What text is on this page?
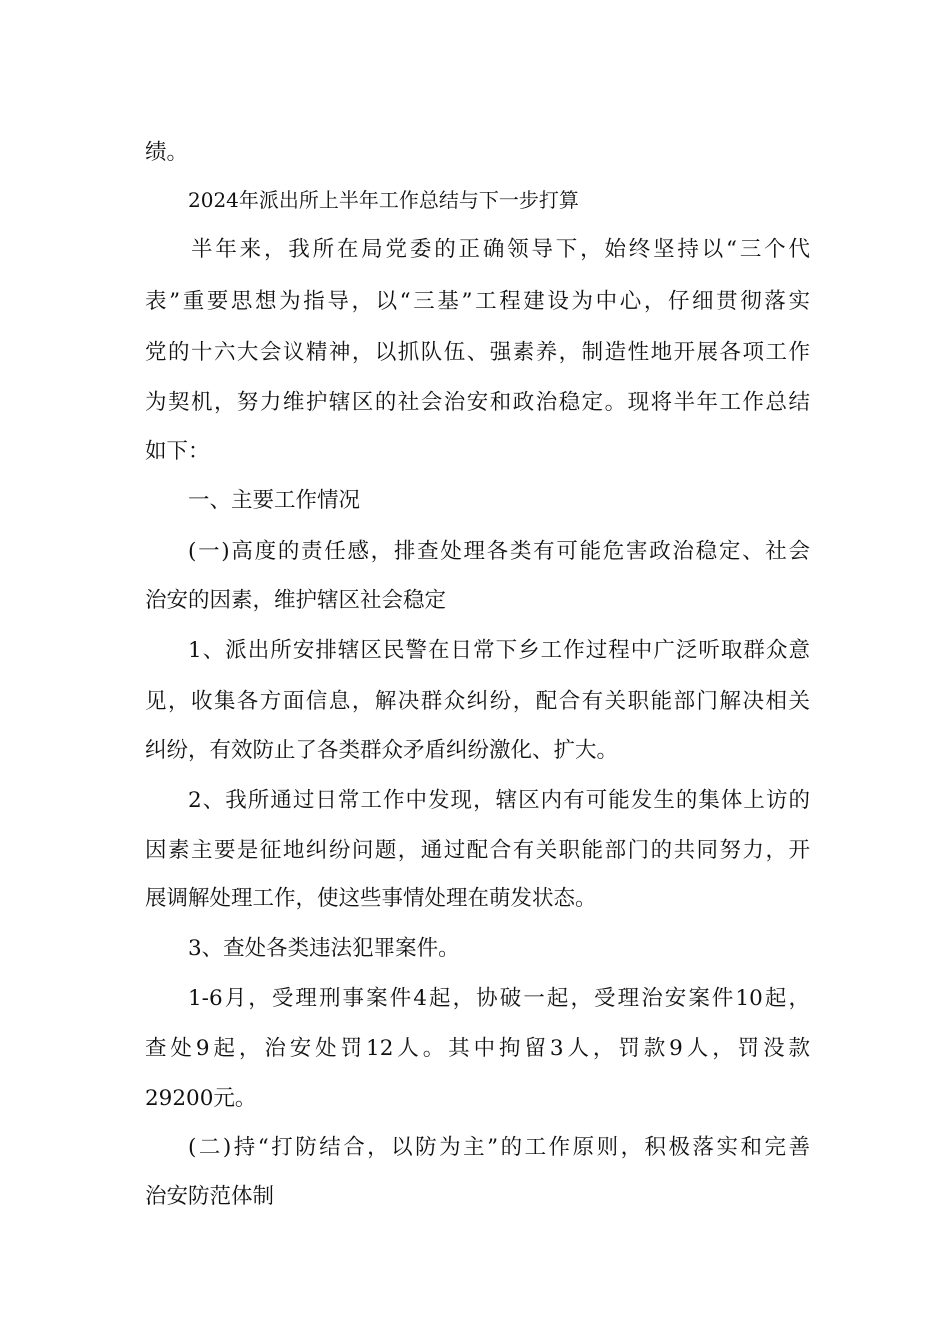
绩。
2024年派出所上半年工作总结与下一步打算
半年来，我所在局党委的正确领导下，始终坚持以“三个代
表”重要思想为指导，以“三基”工程建设为中心，仔细贯彻落实
党的十六大会议精神，以抓队伍、强素养，制造性地开展各项工作
为契机，努力维护辖区的社会治安和政治稳定。现将半年工作总结
如下：
一、主要工作情况
(一)高度的责任感，排查处理各类有可能危害政治稳定、社会
治安的因素，维护辖区社会稳定
1、派出所安排辖区民警在日常下乡工作过程中广泛听取群众意
见，收集各方面信息，解决群众纠纷，配合有关职能部门解决相关
纠纷，有效防止了各类群众矛盾纠纷激化、扩大。
2、我所通过日常工作中发现，辖区内有可能发生的集体上访的
因素主要是征地纠纷问题，通过配合有关职能部门的共同努力，开
展调解处理工作，使这些事情处理在萌发状态。
3、查处各类违法犯罪案件。
1-6月，受理刑事案件4起，协破一起，受理治安案件10起，
查处9起，治安处罚12人。其中拘留3人，罚款9人，罚没款
29200元。
(二)持“打防结合，以防为主”的工作原则，积极落实和完善
治安防范体制
